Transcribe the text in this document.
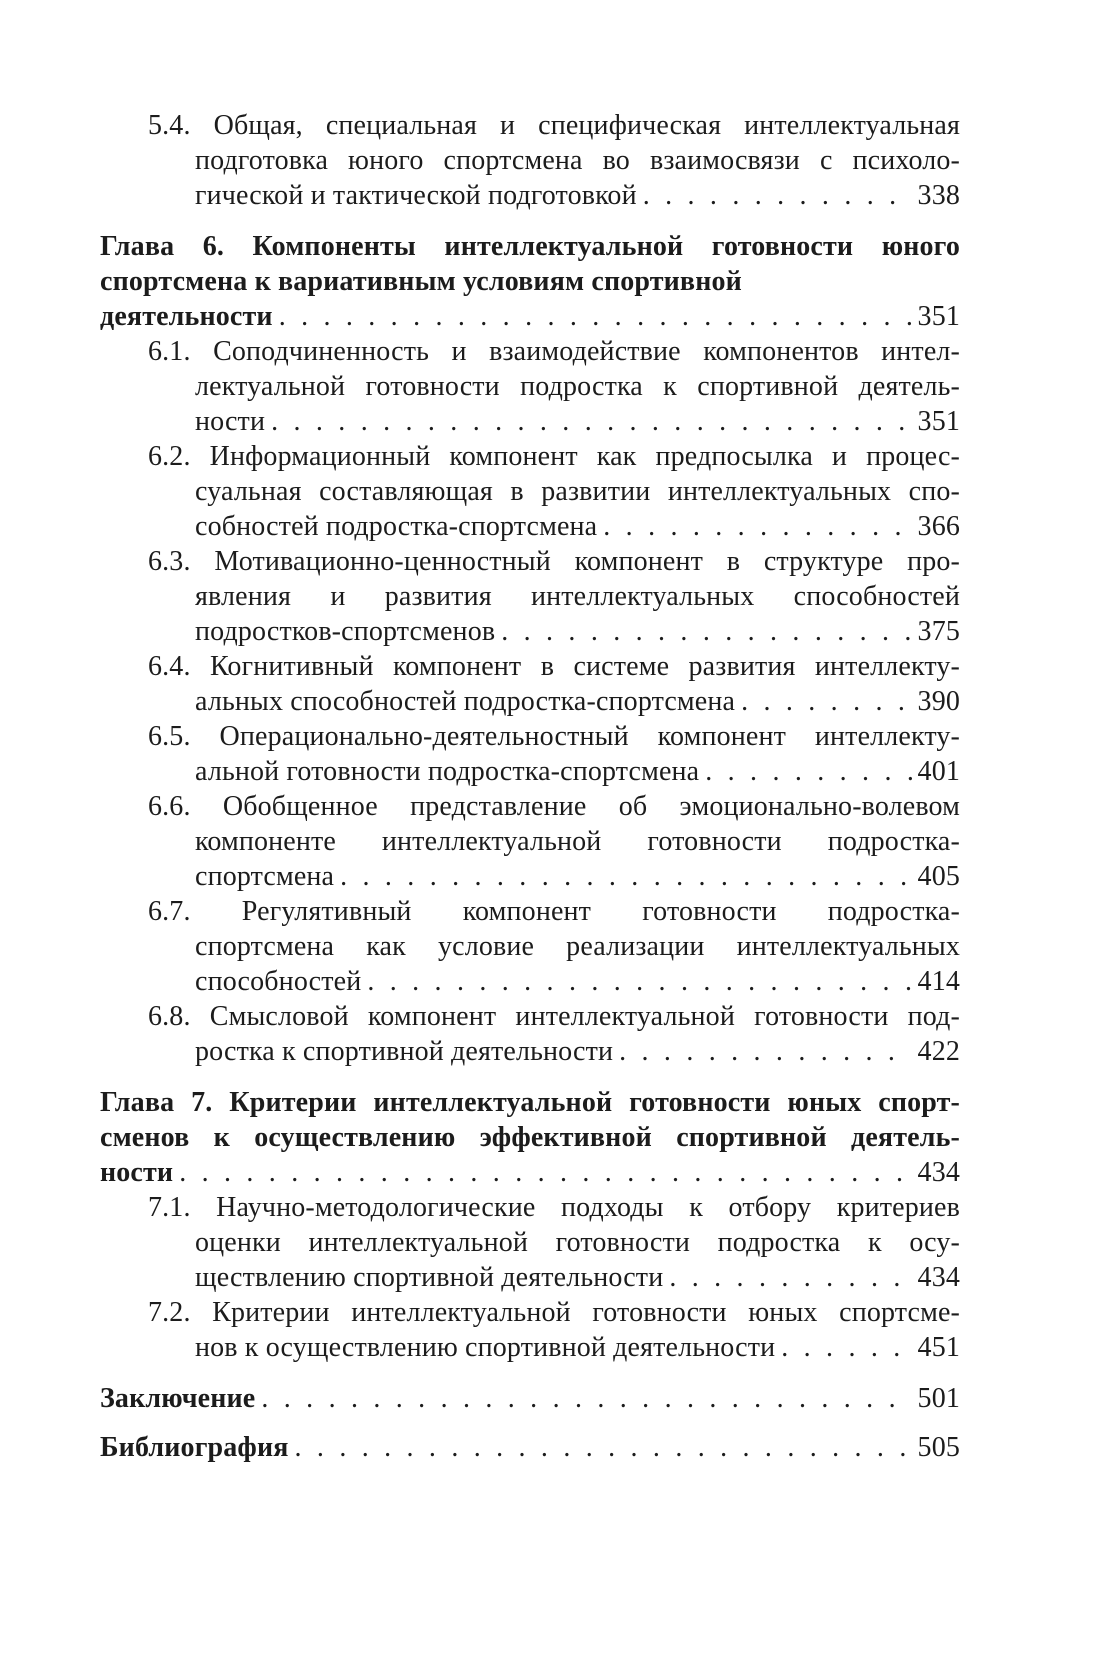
5.4. Общая, специальная и специфическая интеллектуальная
подготовка юного спортсмена во взаимосвязи с психоло-
гической и тактической подготовкой . . .	338
Глава 6. Компоненты интеллектуальной готовности юного
спортсмена к вариативным условиям спортивной
деятельности . . .	351
6.1. Соподчиненность и взаимодействие компонентов интел-
лектуальной готовности подростка к спортивной деятель-
ности . . .	351
6.2. Информационный компонент как предпосылка и процес-
суальная составляющая в развитии интеллектуальных спо-
собностей подростка-спортсмена . . .	366
6.3. Мотивационно-ценностный компонент в структуре про-
явления и развития интеллектуальных способностей
подростков-спортсменов . . .	375
6.4. Когнитивный компонент в системе развития интеллекту-
альных способностей подростка-спортсмена . . .	390
6.5. Операционально-деятельностный компонент интеллекту-
альной готовности подростка-спортсмена . . .	401
6.6. Обобщенное представление об эмоционально-волевом
компоненте интеллектуальной готовности подростка-
спортсмена . . .	405
6.7. Регулятивный компонент готовности подростка-
спортсмена как условие реализации интеллектуальных
способностей . . .	414
6.8. Смысловой компонент интеллектуальной готовности под-
ростка к спортивной деятельности . . .	422
Глава 7. Критерии интеллектуальной готовности юных спорт-
сменов к осуществлению эффективной спортивной деятель-
ности . . .	434
7.1. Научно-методологические подходы к отбору критериев
оценки интеллектуальной готовности подростка к осу-
ществлению спортивной деятельности . . .	434
7.2. Критерии интеллектуальной готовности юных спортсме-
нов к осуществлению спортивной деятельности . . .	451
Заключение . . .	501
Библиография . . .	505
